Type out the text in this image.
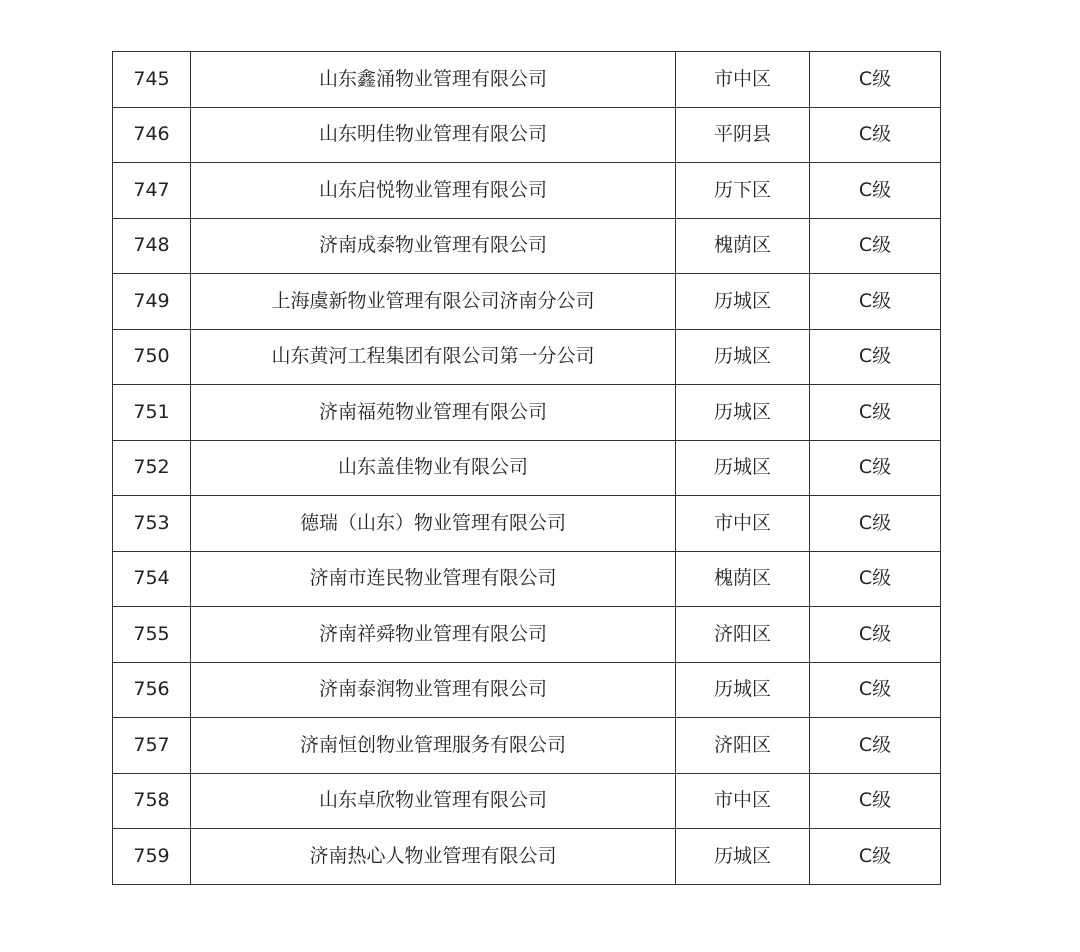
745	山东鑫涌物业管理有限公司	市中区	C级
746	山东明佳物业管理有限公司	平阴县	C级
747	山东启悦物业管理有限公司	历下区	C级
748	济南成泰物业管理有限公司	槐荫区	C级
749	上海虞新物业管理有限公司济南分公司	历城区	C级
750	山东黄河工程集团有限公司第一分公司	历城区	C级
751	济南福苑物业管理有限公司	历城区	C级
752	山东盖佳物业有限公司	历城区	C级
753	德瑞（山东）物业管理有限公司	市中区	C级
754	济南市连民物业管理有限公司	槐荫区	C级
755	济南祥舜物业管理有限公司	济阳区	C级
756	济南泰润物业管理有限公司	历城区	C级
757	济南恒创物业管理服务有限公司	济阳区	C级
758	山东卓欣物业管理有限公司	市中区	C级
759	济南热心人物业管理有限公司	历城区	C级
